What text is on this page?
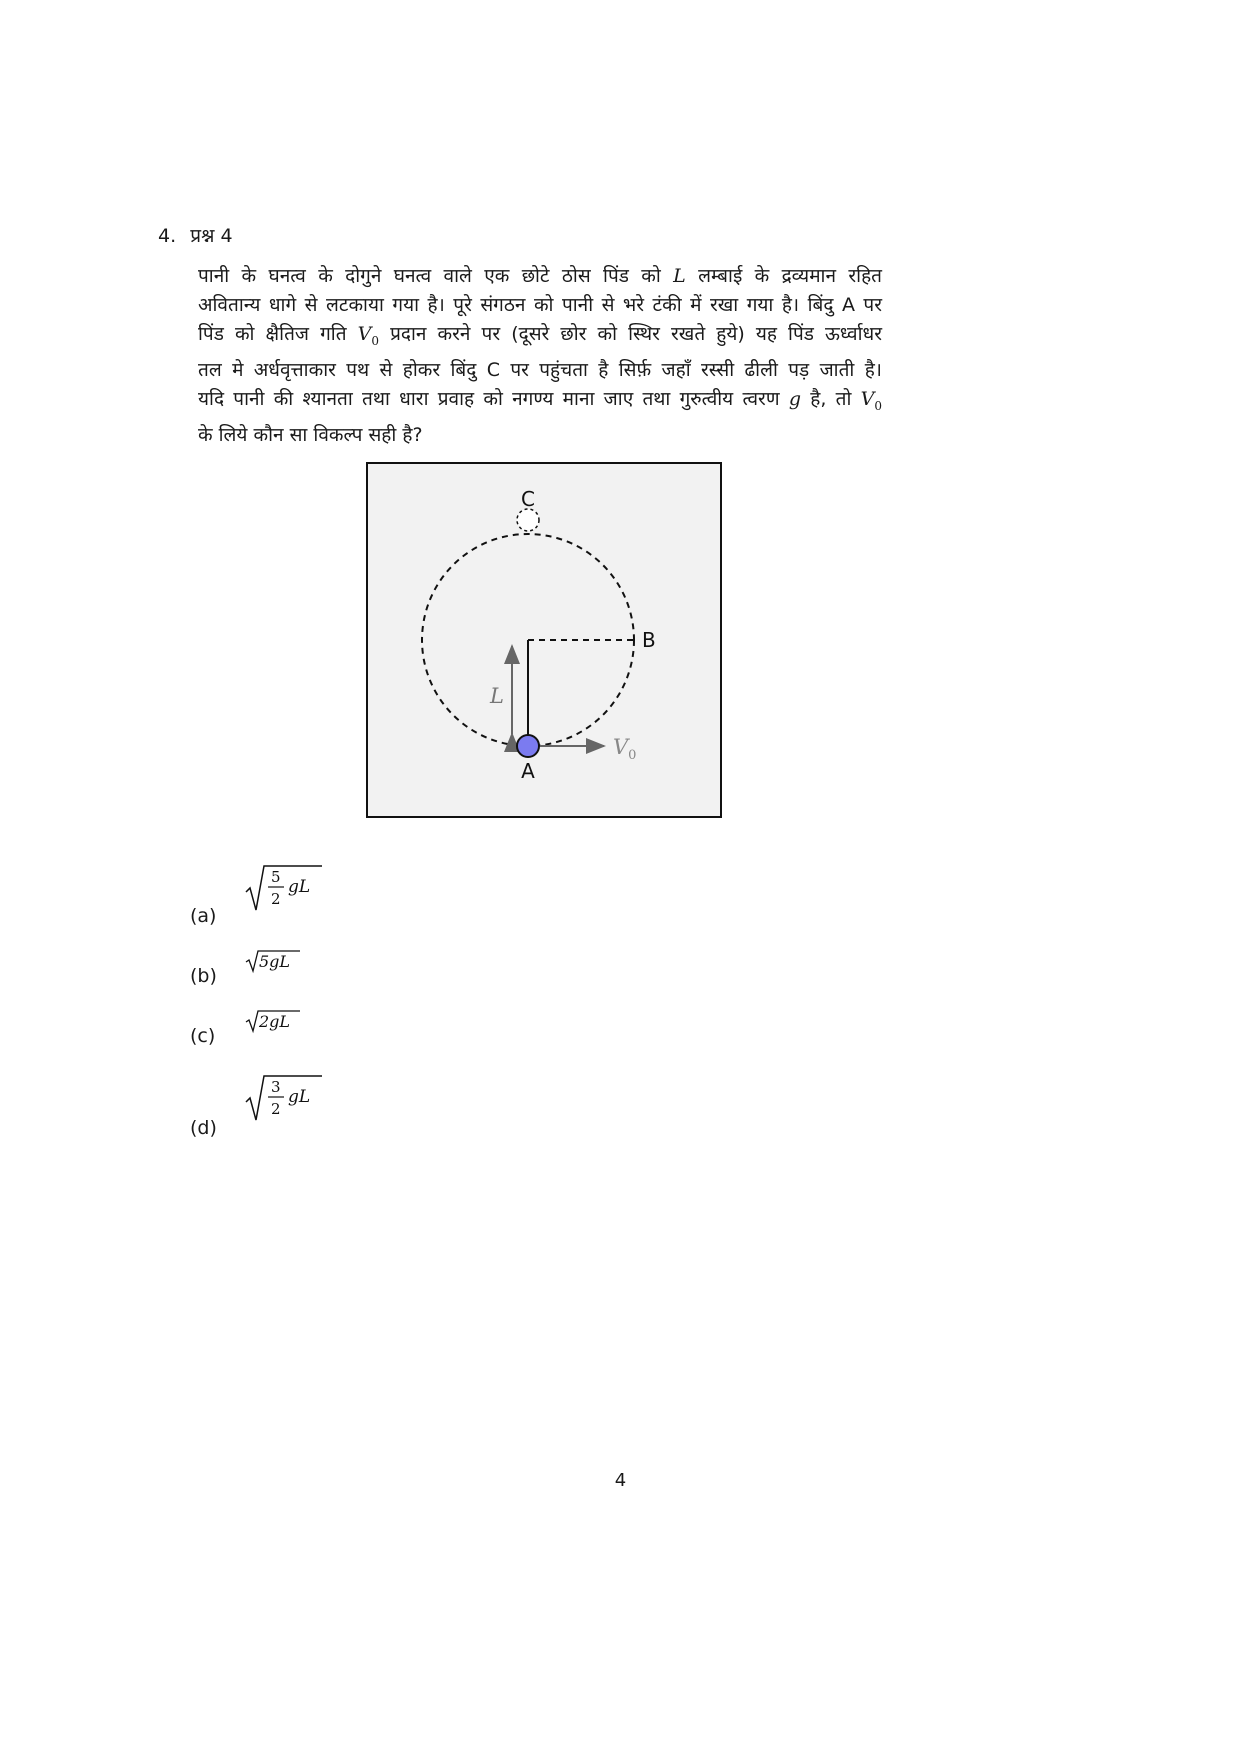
4. प्रश्न 4
पानी के घनत्व के दोगुने घनत्व वाले एक छोटे ठोस पिंड को L लम्बाई के द्रव्यमान रहित
अवितान्य धागे से लटकाया गया है। पूरे संगठन को पानी से भरे टंकी में रखा गया है। बिंदु A पर
पिंड को क्षैतिज गति $V_0$ प्रदान करने पर (दूसरे छोर को स्थिर रखते हुये) यह पिंड ऊर्ध्वाधर
तल मे अर्धवृत्ताकार पथ से होकर बिंदु C पर पहुंचता है सिर्फ़ जहाँ रस्सी ढीली पड़ जाती है।
यदि पानी की श्यानता तथा धारा प्रवाह को नगण्य माना जाए तथा गुरुत्वीय त्वरण g है, तो $V_0$
के लिये कौन सा विकल्प सही है?
C
B
A
L
$V_0$
(a)
5
2
gL
(b)
5gL
(c)
2gL
(d)
3
2
gL
4
